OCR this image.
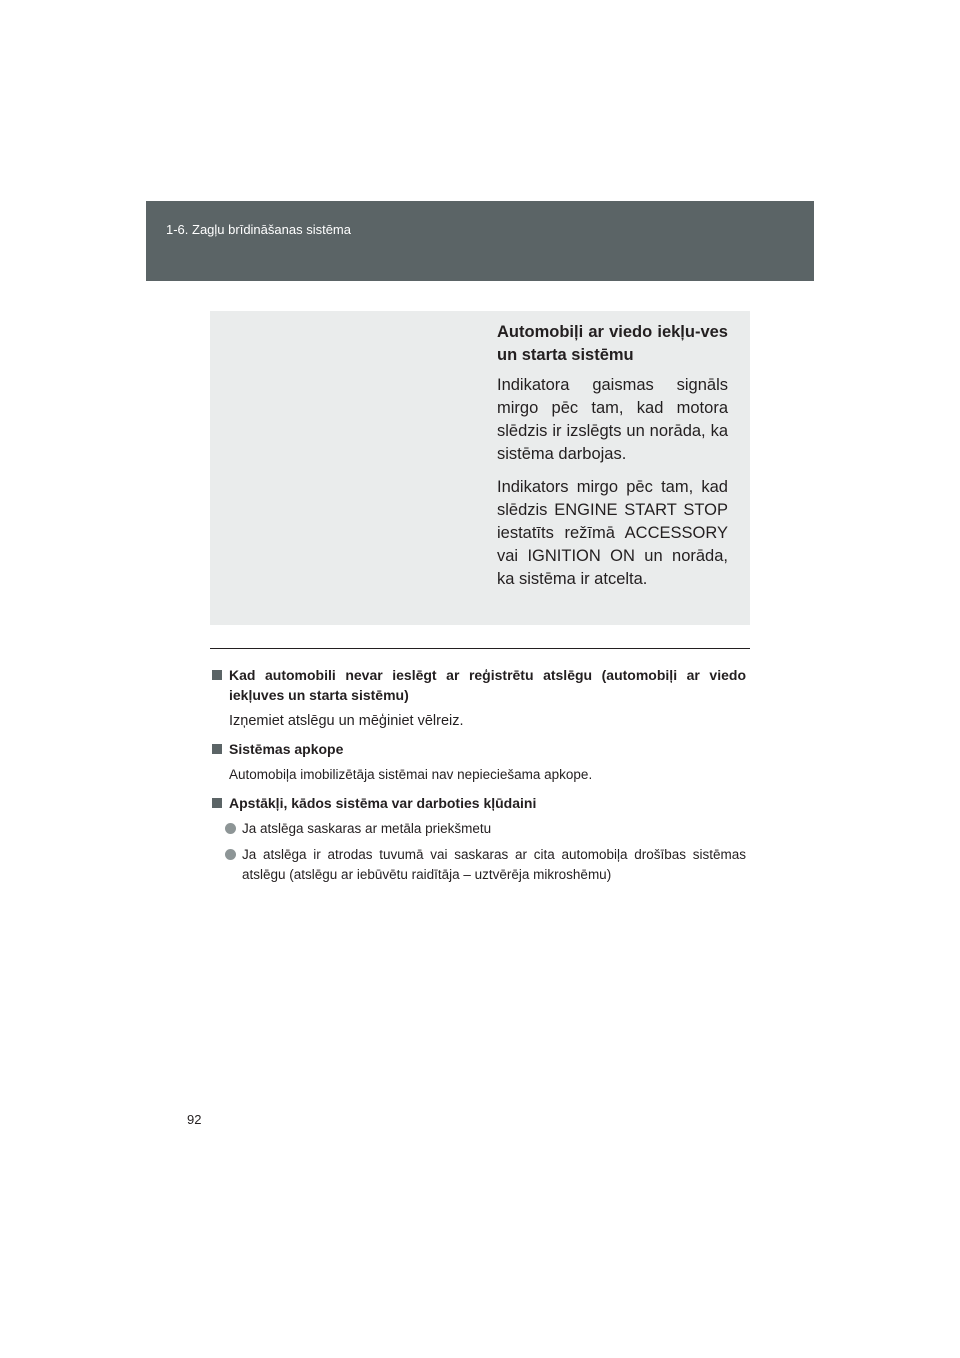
1-6. Zagļu brīdināšanas sistēma

Automobiļi ar viedo iekļu-ves un starta sistēmu

Indikatora gaismas signāls mirgo pēc tam, kad motora slēdzis ir izslēgts un norāda, ka sistēma darbojas.

Indikators mirgo pēc tam, kad slēdzis ENGINE START STOP iestatīts režīmā ACCESSORY vai IGNITION ON un norāda, ka sistēma ir atcelta.

Kad automobili nevar ieslēgt ar reģistrētu atslēgu (automobiļi ar viedo iekļuves un starta sistēmu)
Izņemiet atslēgu un mēģiniet vēlreiz.
Sistēmas apkope
Automobiļa imobilizētāja sistēmai nav nepieciešama apkope.
Apstākļi, kādos sistēma var darboties kļūdaini
Ja atslēga saskaras ar metāla priekšmetu
Ja atslēga ir atrodas tuvumā vai saskaras ar cita automobiļa drošības sistēmas atslēgu (atslēgu ar iebūvētu raidītāja – uztvērēja mikroshēmu)
92
